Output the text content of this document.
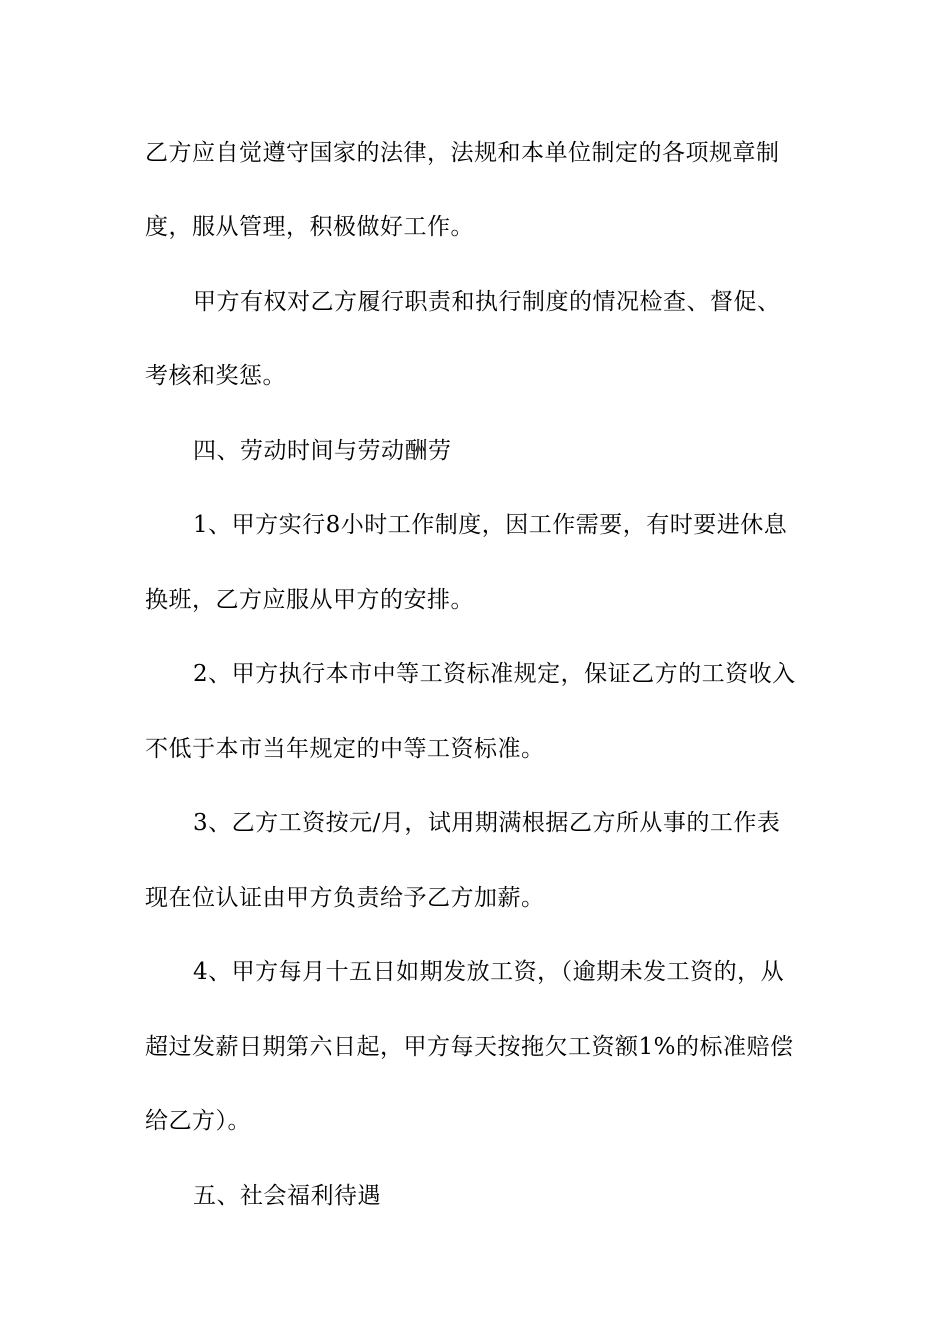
乙方应自觉遵守国家的法律，法规和本单位制定的各项规章制
度，服从管理，积极做好工作。
甲方有权对乙方履行职责和执行制度的情况检查、督促、
考核和奖惩。
四、劳动时间与劳动酬劳
1、甲方实行8小时工作制度，因工作需要，有时要进休息
换班，乙方应服从甲方的安排。
2、甲方执行本市中等工资标准规定，保证乙方的工资收入
不低于本市当年规定的中等工资标准。
3、乙方工资按元/月，试用期满根据乙方所从事的工作表
现在位认证由甲方负责给予乙方加薪。
4、甲方每月十五日如期发放工资，（逾期未发工资的，从
超过发薪日期第六日起，甲方每天按拖欠工资额1%的标准赔偿
给乙方）。
五、社会福利待遇
